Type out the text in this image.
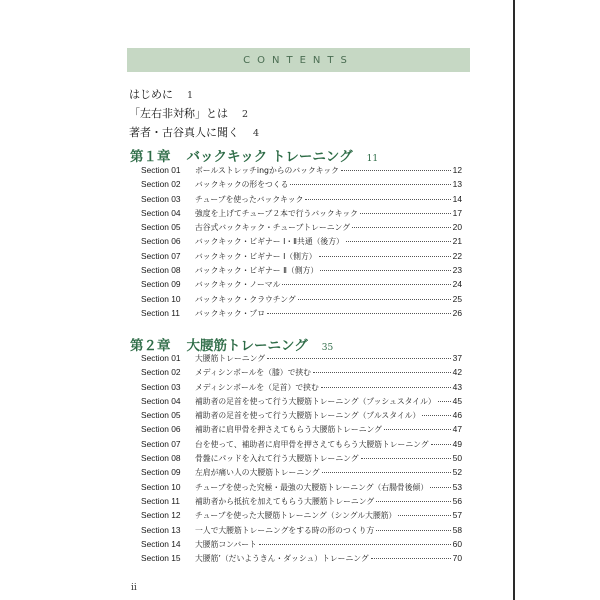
CONTENTS
はじめに 1
「左右非対称」とは 2
著者・古谷真人に聞く 4
第１章 バックキック トレーニング 11
Section 01	ボールストレッチingからのバックキック	12
Section 02	バックキックの形をつくる	13
Section 03	チューブを使ったバックキック	14
Section 04	強度を上げてチューブ２本で行うバックキック	17
Section 05	古谷式バックキック・チューブトレーニング	20
Section 06	バックキック・ビギナー Ⅰ・Ⅱ共通（後方）	21
Section 07	バックキック・ビギナー Ⅰ（側方）	22
Section 08	バックキック・ビギナー Ⅱ（側方）	23
Section 09	バックキック・ノーマル	24
Section 10	バックキック・クラウチング	25
Section 11	バックキック・プロ	26
第２章 大腰筋トレーニング 35
Section 01	大腰筋トレーニング	37
Section 02	メディシンボールを（膝）で挟む	42
Section 03	メディシンボールを（足首）で挟む	43
Section 04	補助者の足首を使って行う大腰筋トレーニング（プッシュスタイル） 45
Section 05	補助者の足首を使って行う大腰筋トレーニング（プルスタイル）	46
Section 06	補助者に肩甲骨を押さえてもらう大腰筋トレーニング	47
Section 07	台を使って、補助者に肩甲骨を押さえてもらう大腰筋トレーニング	49
Section 08	骨盤にパッドを入れて行う大腰筋トレーニング	50
Section 09	左肩が痛い人の大腰筋トレーニング	52
Section 10	チューブを使った究極・最強の大腰筋トレーニング（右腸骨後傾）	53
Section 11	補助者から抵抗を加えてもらう大腰筋トレーニング	56
Section 12	チューブを使った大腰筋トレーニング（シングル大腰筋）	57
Section 13	一人で大腰筋トレーニングをする時の形のつくり方	58
Section 14	大腰筋コンバート	60
Section 15	大腰筋’（だいようきん・ダッシュ）トレーニング	70
ii
